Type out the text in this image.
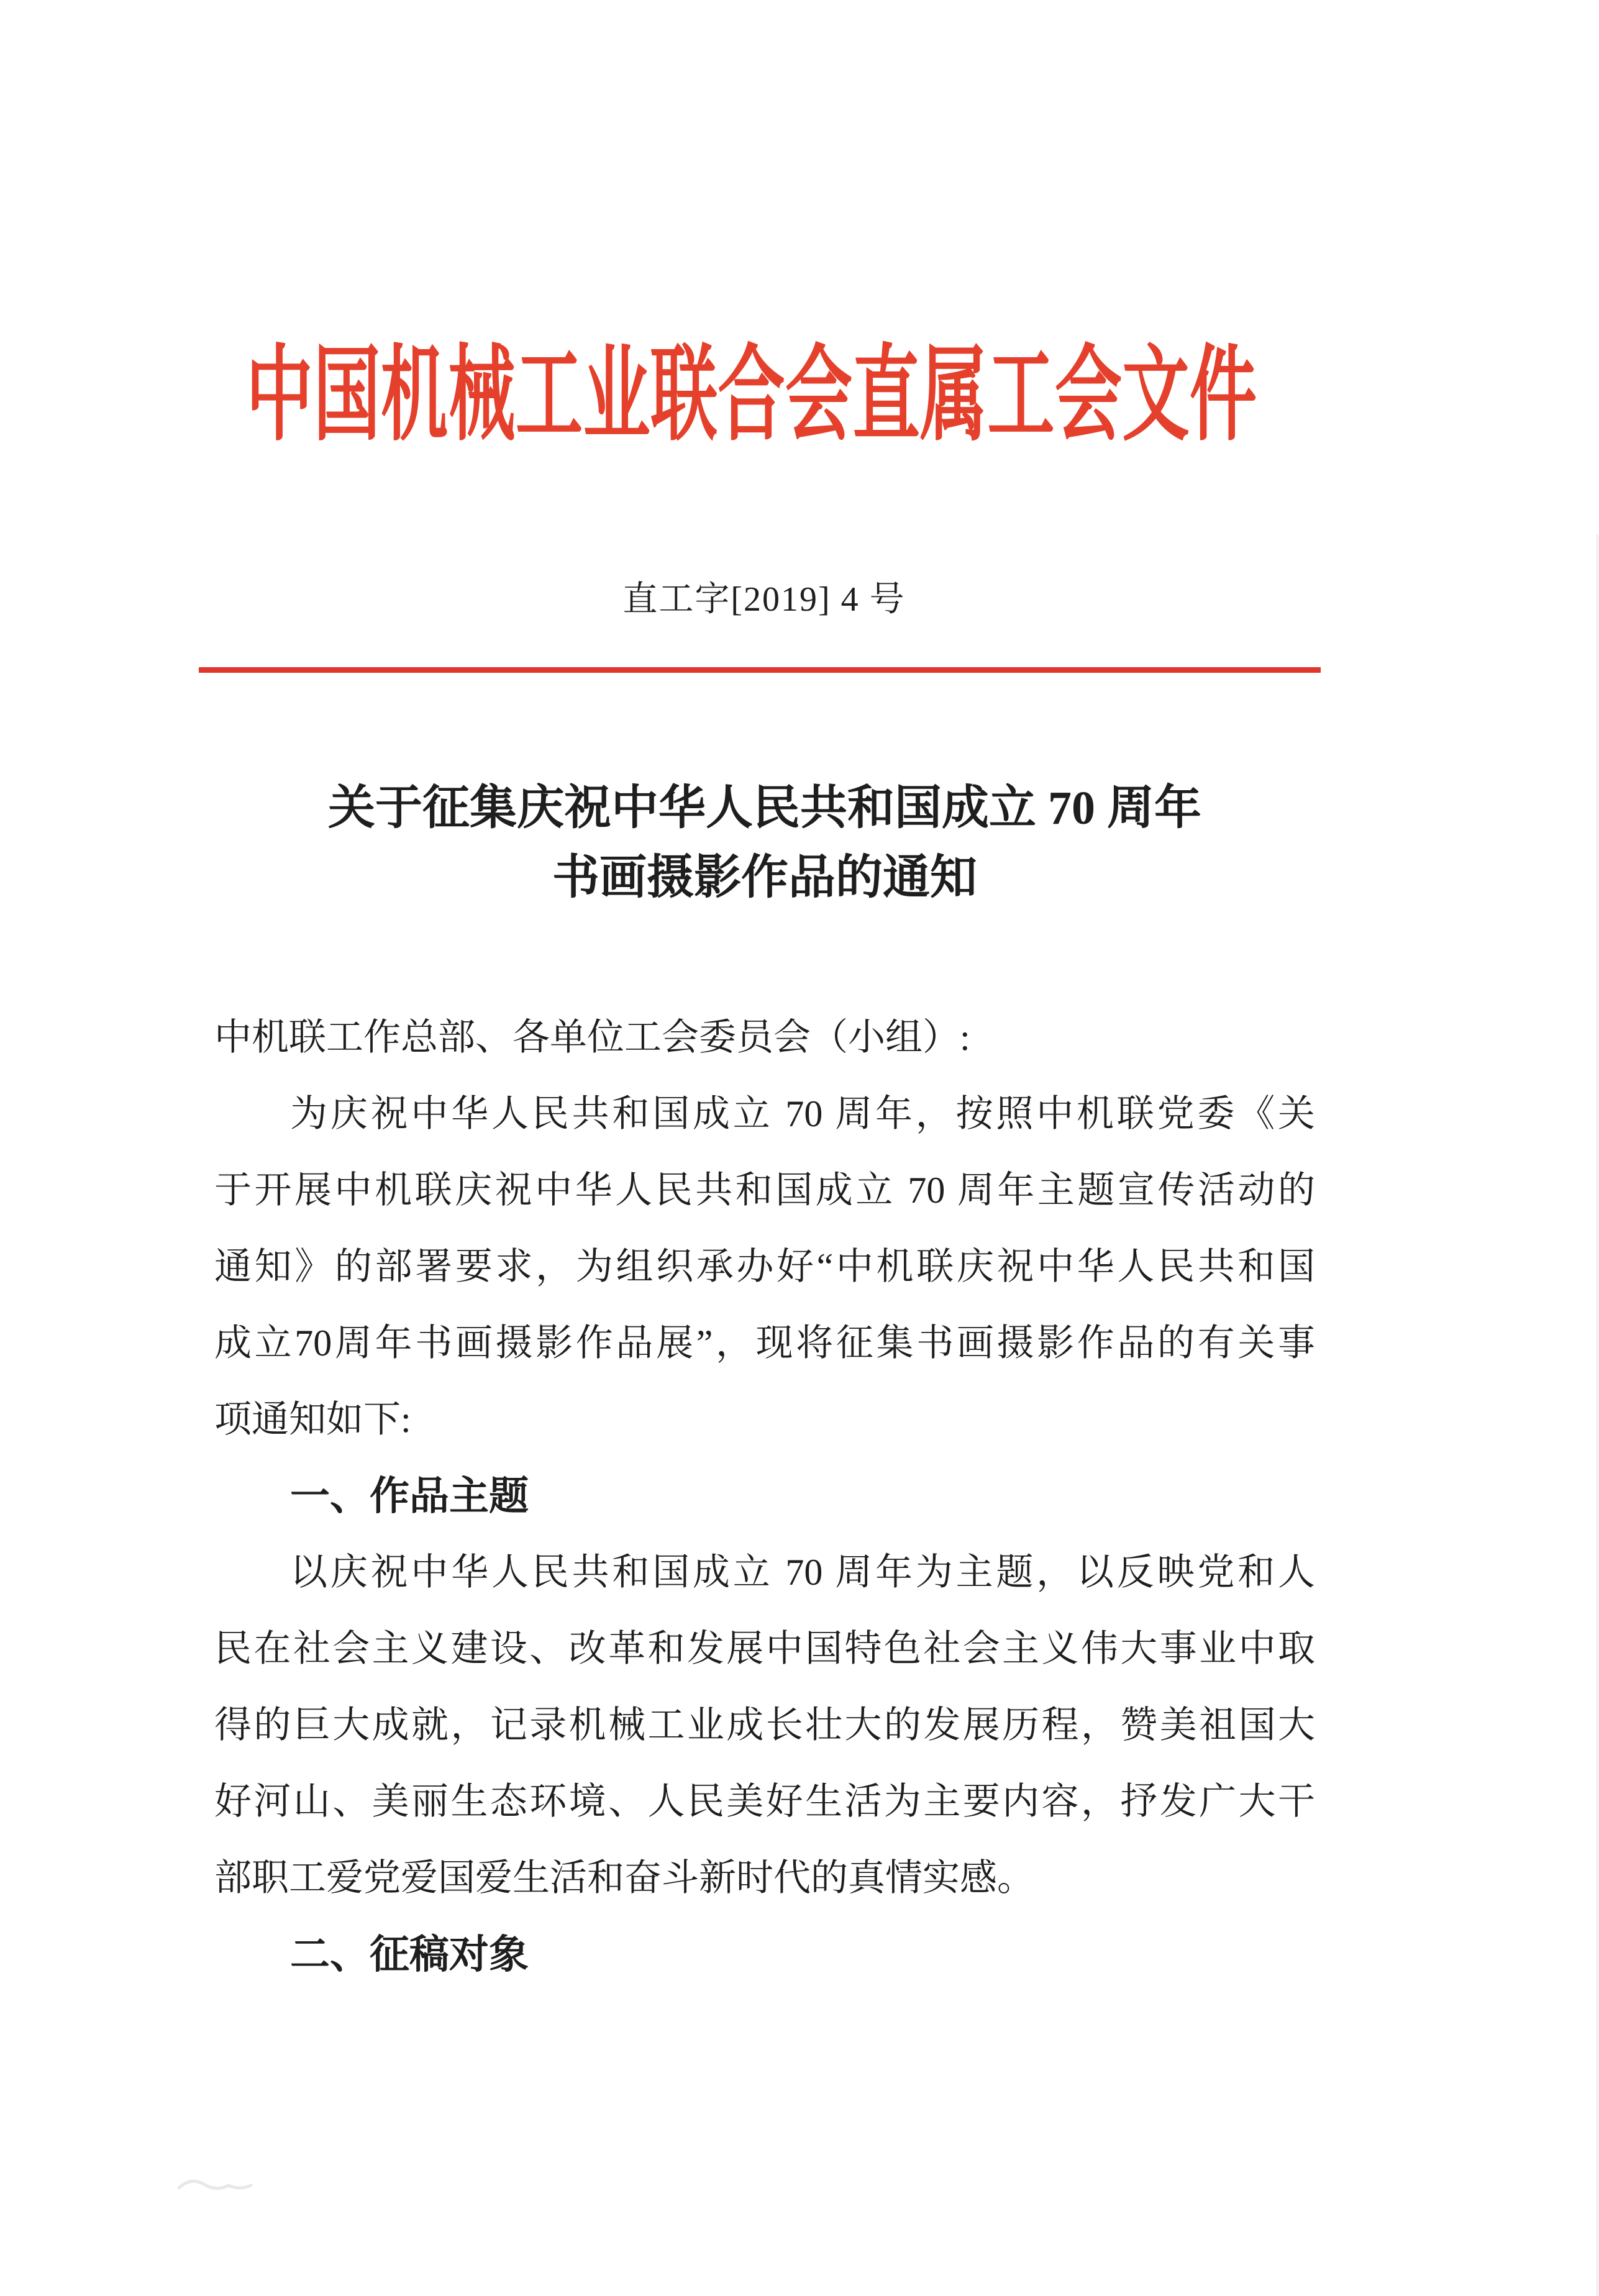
中国机械工业联合会直属工会文件
直工字[2019] 4 号
关于征集庆祝中华人民共和国成立 70 周年
书画摄影作品的通知
中机联工作总部、各单位工会委员会（小组）:
为庆祝中华人民共和国成立 70 周年，按照中机联党委《关
于开展中机联庆祝中华人民共和国成立 70 周年主题宣传活动的
通知》的部署要求，为组织承办好“中机联庆祝中华人民共和国
成立70周年书画摄影作品展”，现将征集书画摄影作品的有关事
项通知如下:
一、作品主题
以庆祝中华人民共和国成立 70 周年为主题，以反映党和人
民在社会主义建设、改革和发展中国特色社会主义伟大事业中取
得的巨大成就，记录机械工业成长壮大的发展历程，赞美祖国大
好河山、美丽生态环境、人民美好生活为主要内容，抒发广大干
部职工爱党爱国爱生活和奋斗新时代的真情实感。
二、征稿对象
